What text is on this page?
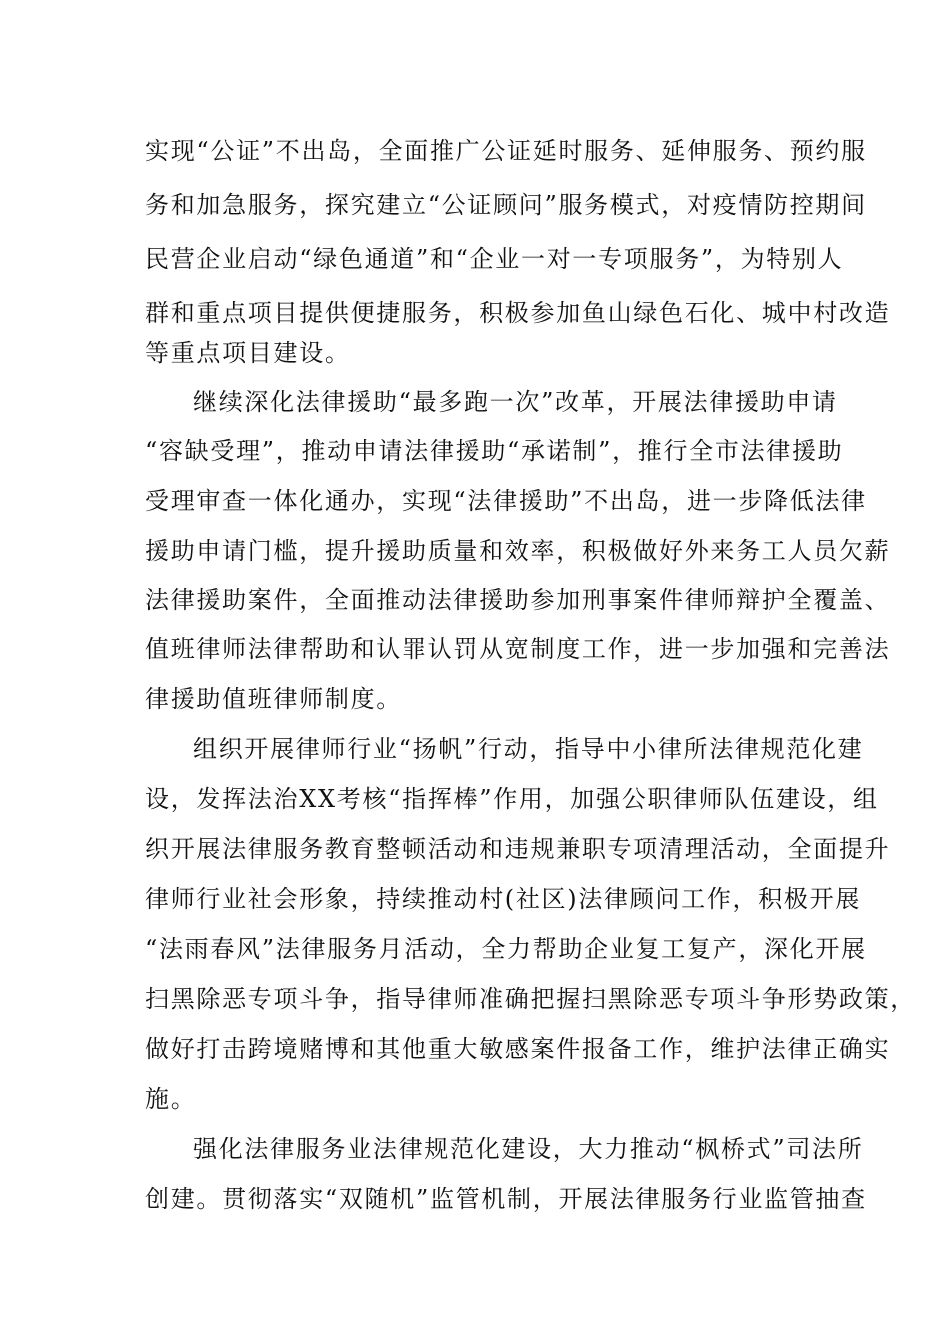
实现“公证”不出岛，全面推广公证延时服务、延伸服务、预约服
务和加急服务，探究建立“公证顾问”服务模式，对疫情防控期间
民营企业启动“绿色通道”和“企业一对一专项服务”，为特别人
群和重点项目提供便捷服务，积极参加鱼山绿色石化、城中村改造
等重点项目建设。
继续深化法律援助“最多跑一次”改革，开展法律援助申请
“容缺受理”，推动申请法律援助“承诺制”，推行全市法律援助
受理审查一体化通办，实现“法律援助”不出岛，进一步降低法律
援助申请门槛，提升援助质量和效率，积极做好外来务工人员欠薪
法律援助案件，全面推动法律援助参加刑事案件律师辩护全覆盖、
值班律师法律帮助和认罪认罚从宽制度工作，进一步加强和完善法
律援助值班律师制度。
组织开展律师行业“扬帆”行动，指导中小律所法律规范化建
设，发挥法治XX考核“指挥棒”作用，加强公职律师队伍建设，组
织开展法律服务教育整顿活动和违规兼职专项清理活动，全面提升
律师行业社会形象，持续推动村(社区)法律顾问工作，积极开展
“法雨春风”法律服务月活动，全力帮助企业复工复产，深化开展
扫黑除恶专项斗争，指导律师准确把握扫黑除恶专项斗争形势政策，
做好打击跨境赌博和其他重大敏感案件报备工作，维护法律正确实
施。
强化法律服务业法律规范化建设，大力推动“枫桥式”司法所
创建。贯彻落实“双随机”监管机制，开展法律服务行业监管抽查
